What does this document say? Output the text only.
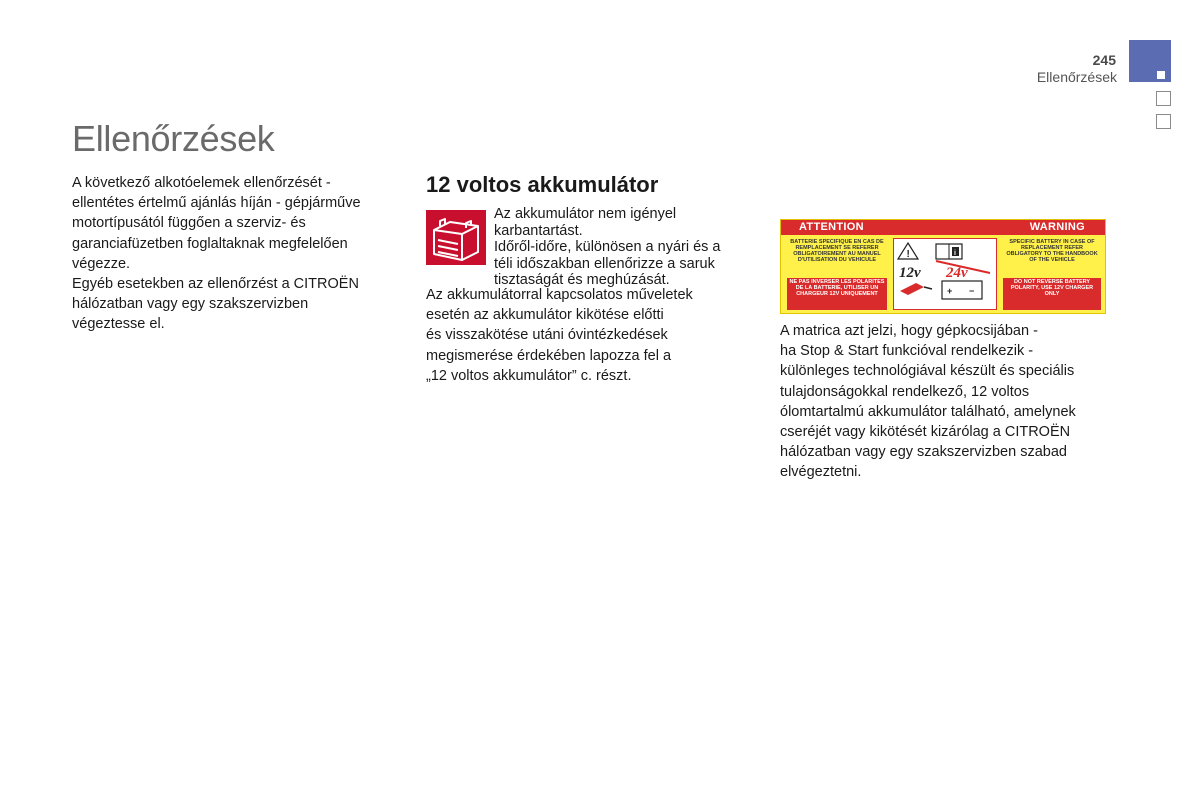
245
Ellenőrzések
Ellenőrzések

A következő alkotóelemek ellenőrzését -

ellentétes értelmű ajánlás híján - gépjárműve

motortípusától függően a szerviz- és

garanciafüzetben foglaltaknak megfelelően

végezze.

Egyéb esetekben az ellenőrzést a CITROËN

hálózatban vagy egy szakszervizben

végeztesse el.

12 voltos akkumulátor

Az akkumulátor nem igényel

karbantartást.

Időről-időre, különösen a nyári és a

téli időszakban ellenőrizze a saruk

tisztaságát és meghúzását.

Az akkumulátorral kapcsolatos műveletek

esetén az akkumulátor kikötése előtti

és visszakötése utáni óvintézkedések

megismerése érdekében lapozza fel a

„12 voltos akkumulátor” c. részt.

ATTENTION	WARNING
BATTERIE SPECIFIQUE EN CAS DE REMPLACEMENT SE REFERER OBLIGATOIREMENT AU MANUEL D'UTILISATION DU VEHICULE
SPECIFIC BATTERY IN CASE OF REPLACEMENT REFER OBLIGATORY TO THE HANDBOOK OF THE VEHICLE
NE PAS INVERSER LES POLARITES DE LA BATTERIE, UTILISER UN CHARGEUR 12V UNIQUEMENT
DO NOT REVERSE BATTERY POLARITY, USE 12V CHARGER ONLY
!	i
+ −
12v 24v

A matrica azt jelzi, hogy gépkocsijában -

ha Stop & Start funkcióval rendelkezik -

különleges technológiával készült és speciális

tulajdonságokkal rendelkező, 12 voltos

ólomtartalmú akkumulátor található, amelynek

cseréjét vagy kikötését kizárólag a CITROËN

hálózatban vagy egy szakszervizben szabad

elvégeztetni.
